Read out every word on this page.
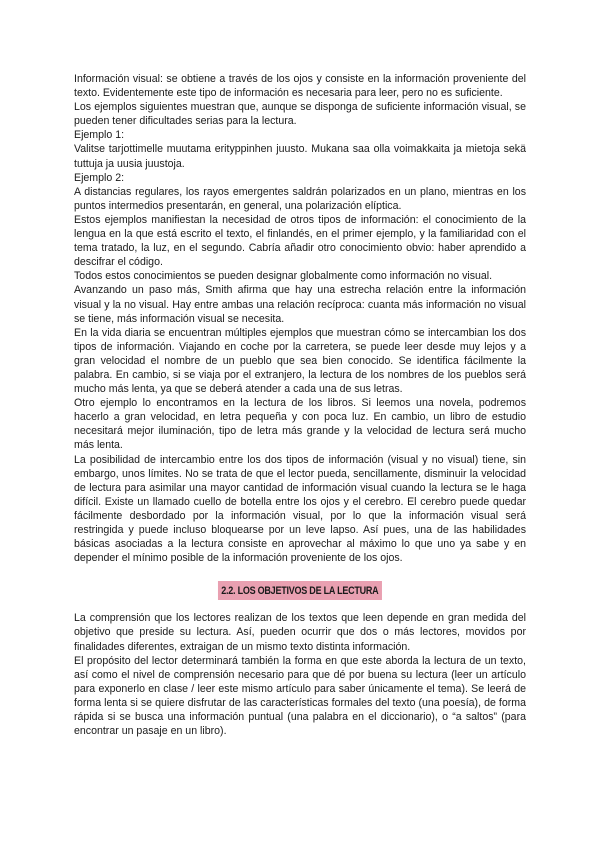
Información visual: se obtiene a través de los ojos y consiste en la información proveniente del texto. Evidentemente este tipo de información es necesaria para leer, pero no es suficiente.

Los ejemplos siguientes muestran que, aunque se disponga de suficiente información visual, se pueden tener dificultades serias para la lectura.

Ejemplo 1:

Valitse tarjottimelle muutama erityppinhen juusto. Mukana saa olla voimakkaita ja mietoja sekä tuttuja ja uusia juustoja.

Ejemplo 2:

A distancias regulares, los rayos emergentes saldrán polarizados en un plano, mientras en los puntos intermedios presentarán, en general, una polarización elíptica.

Estos ejemplos manifiestan la necesidad de otros tipos de información: el conocimiento de la lengua en la que está escrito el texto, el finlandés, en el primer ejemplo, y la familiaridad con el tema tratado, la luz, en el segundo. Cabría añadir otro conocimiento obvio: haber aprendido a descifrar el código.

Todos estos conocimientos se pueden designar globalmente como información no visual.

Avanzando un paso más, Smith afirma que hay una estrecha relación entre la información visual y la no visual. Hay entre ambas una relación recíproca: cuanta más información no visual se tiene, más información visual se necesita.

En la vida diaria se encuentran múltiples ejemplos que muestran cómo se intercambian los dos tipos de información. Viajando en coche por la carretera, se puede leer desde muy lejos y a gran velocidad el nombre de un pueblo que sea bien conocido. Se identifica fácilmente la palabra. En cambio, si se viaja por el extranjero, la lectura de los nombres de los pueblos será mucho más lenta, ya que se deberá atender a cada una de sus letras.

Otro ejemplo lo encontramos en la lectura de los libros. Si leemos una novela, podremos hacerlo a gran velocidad, en letra pequeña y con poca luz. En cambio, un libro de estudio necesitará mejor iluminación, tipo de letra más grande y la velocidad de lectura será mucho más lenta.

La posibilidad de intercambio entre los dos tipos de información (visual y no visual) tiene, sin embargo, unos límites. No se trata de que el lector pueda, sencillamente, disminuir la velocidad de lectura para asimilar una mayor cantidad de información visual cuando la lectura se le haga difícil. Existe un llamado cuello de botella entre los ojos y el cerebro. El cerebro puede quedar fácilmente desbordado por la información visual, por lo que la información visual será restringida y puede incluso bloquearse por un leve lapso. Así pues, una de las habilidades básicas asociadas a la lectura consiste en aprovechar al máximo lo que uno ya sabe y en depender el mínimo posible de la información proveniente de los ojos.

2.2. LOS OBJETIVOS DE LA LECTURA

La comprensión que los lectores realizan de los textos que leen depende en gran medida del objetivo que preside su lectura. Así, pueden ocurrir que dos o más lectores, movidos por finalidades diferentes, extraigan de un mismo texto distinta información.

El propósito del lector determinará también la forma en que este aborda la lectura de un texto, así como el nivel de comprensión necesario para que dé por buena su lectura (leer un artículo para exponerlo en clase / leer este mismo artículo para saber únicamente el tema). Se leerá de forma lenta si se quiere disfrutar de las características formales del texto (una poesía), de forma rápida si se busca una información puntual (una palabra en el diccionario), o “a saltos” (para encontrar un pasaje en un libro).
